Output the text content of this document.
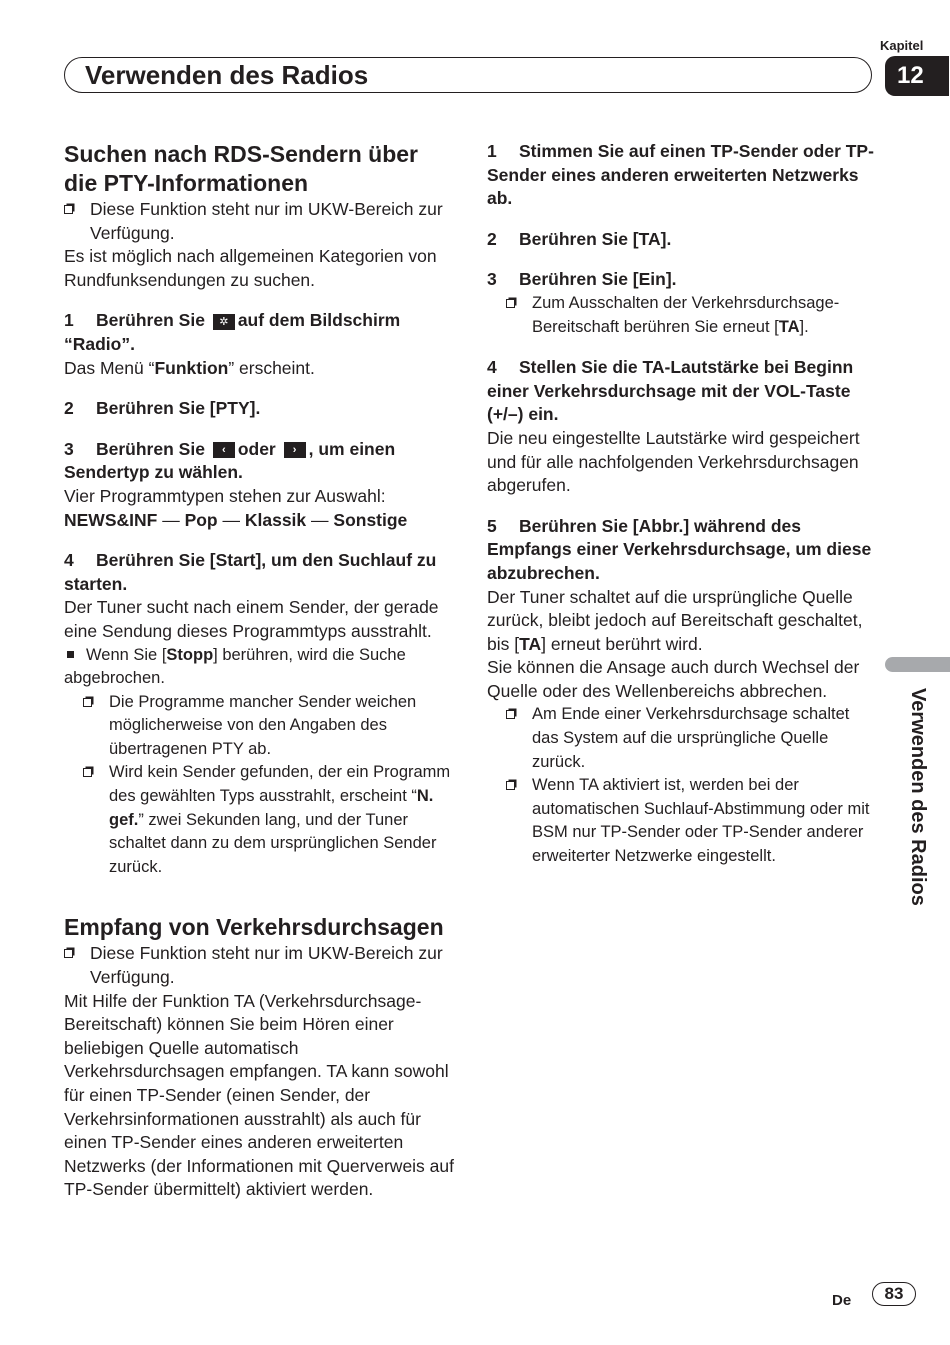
Kapitel
12
Verwenden des Radios
Suchen nach RDS-Sendern über die PTY-Informationen
Diese Funktion steht nur im UKW-Bereich zur Verfügung.

Es ist möglich nach allgemeinen Kategorien von Rundfunksendungen zu suchen.

1 Berühren Sie ✲ auf dem Bildschirm “Radio”.

Das Menü “Funktion” erscheint.

2 Berühren Sie [PTY].

3 Berühren Sie ‹ oder › , um einen Sendertyp zu wählen.

Vier Programmtypen stehen zur Auswahl:

NEWS&INF — Pop — Klassik — Sonstige

4 Berühren Sie [Start], um den Suchlauf zu starten.

Der Tuner sucht nach einem Sender, der gerade eine Sendung dieses Programmtyps ausstrahlt.

Wenn Sie [Stopp] berühren, wird die Suche abgebrochen.

Die Programme mancher Sender weichen möglicherweise von den Angaben des übertragenen PTY ab.
Wird kein Sender gefunden, der ein Programm des gewählten Typs ausstrahlt, erscheint “N. gef.” zwei Sekunden lang, und der Tuner schaltet dann zu dem ursprünglichen Sender zurück.
Empfang von Verkehrsdurchsagen
Diese Funktion steht nur im UKW-Bereich zur Verfügung.

Mit Hilfe der Funktion TA (Verkehrsdurchsage-Bereitschaft) können Sie beim Hören einer beliebigen Quelle automatisch Verkehrsdurchsagen empfangen. TA kann sowohl für einen TP-Sender (einen Sender, der Verkehrsinformationen ausstrahlt) als auch für einen TP-Sender eines anderen erweiterten Netzwerks (der Informationen mit Querverweis auf TP-Sender übermittelt) aktiviert werden.

1 Stimmen Sie auf einen TP-Sender oder TP-Sender eines anderen erweiterten Netzwerks ab.

2 Berühren Sie [TA].

3 Berühren Sie [Ein].

Zum Ausschalten der Verkehrsdurchsage-Bereitschaft berühren Sie erneut [TA].

4 Stellen Sie die TA-Lautstärke bei Beginn einer Verkehrsdurchsage mit der VOL-Taste (+/–) ein.

Die neu eingestellte Lautstärke wird gespeichert und für alle nachfolgenden Verkehrsdurchsagen abgerufen.

5 Berühren Sie [Abbr.] während des Empfangs einer Verkehrsdurchsage, um diese abzubrechen.

Der Tuner schaltet auf die ursprüngliche Quelle zurück, bleibt jedoch auf Bereitschaft geschaltet, bis [TA] erneut berührt wird.

Sie können die Ansage auch durch Wechsel der Quelle oder des Wellenbereichs abbrechen.

Am Ende einer Verkehrsdurchsage schaltet das System auf die ursprüngliche Quelle zurück.
Wenn TA aktiviert ist, werden bei der automatischen Suchlauf-Abstimmung oder mit BSM nur TP-Sender oder TP-Sender anderer erweiterter Netzwerke eingestellt.	Verwenden des Radios
De	83
